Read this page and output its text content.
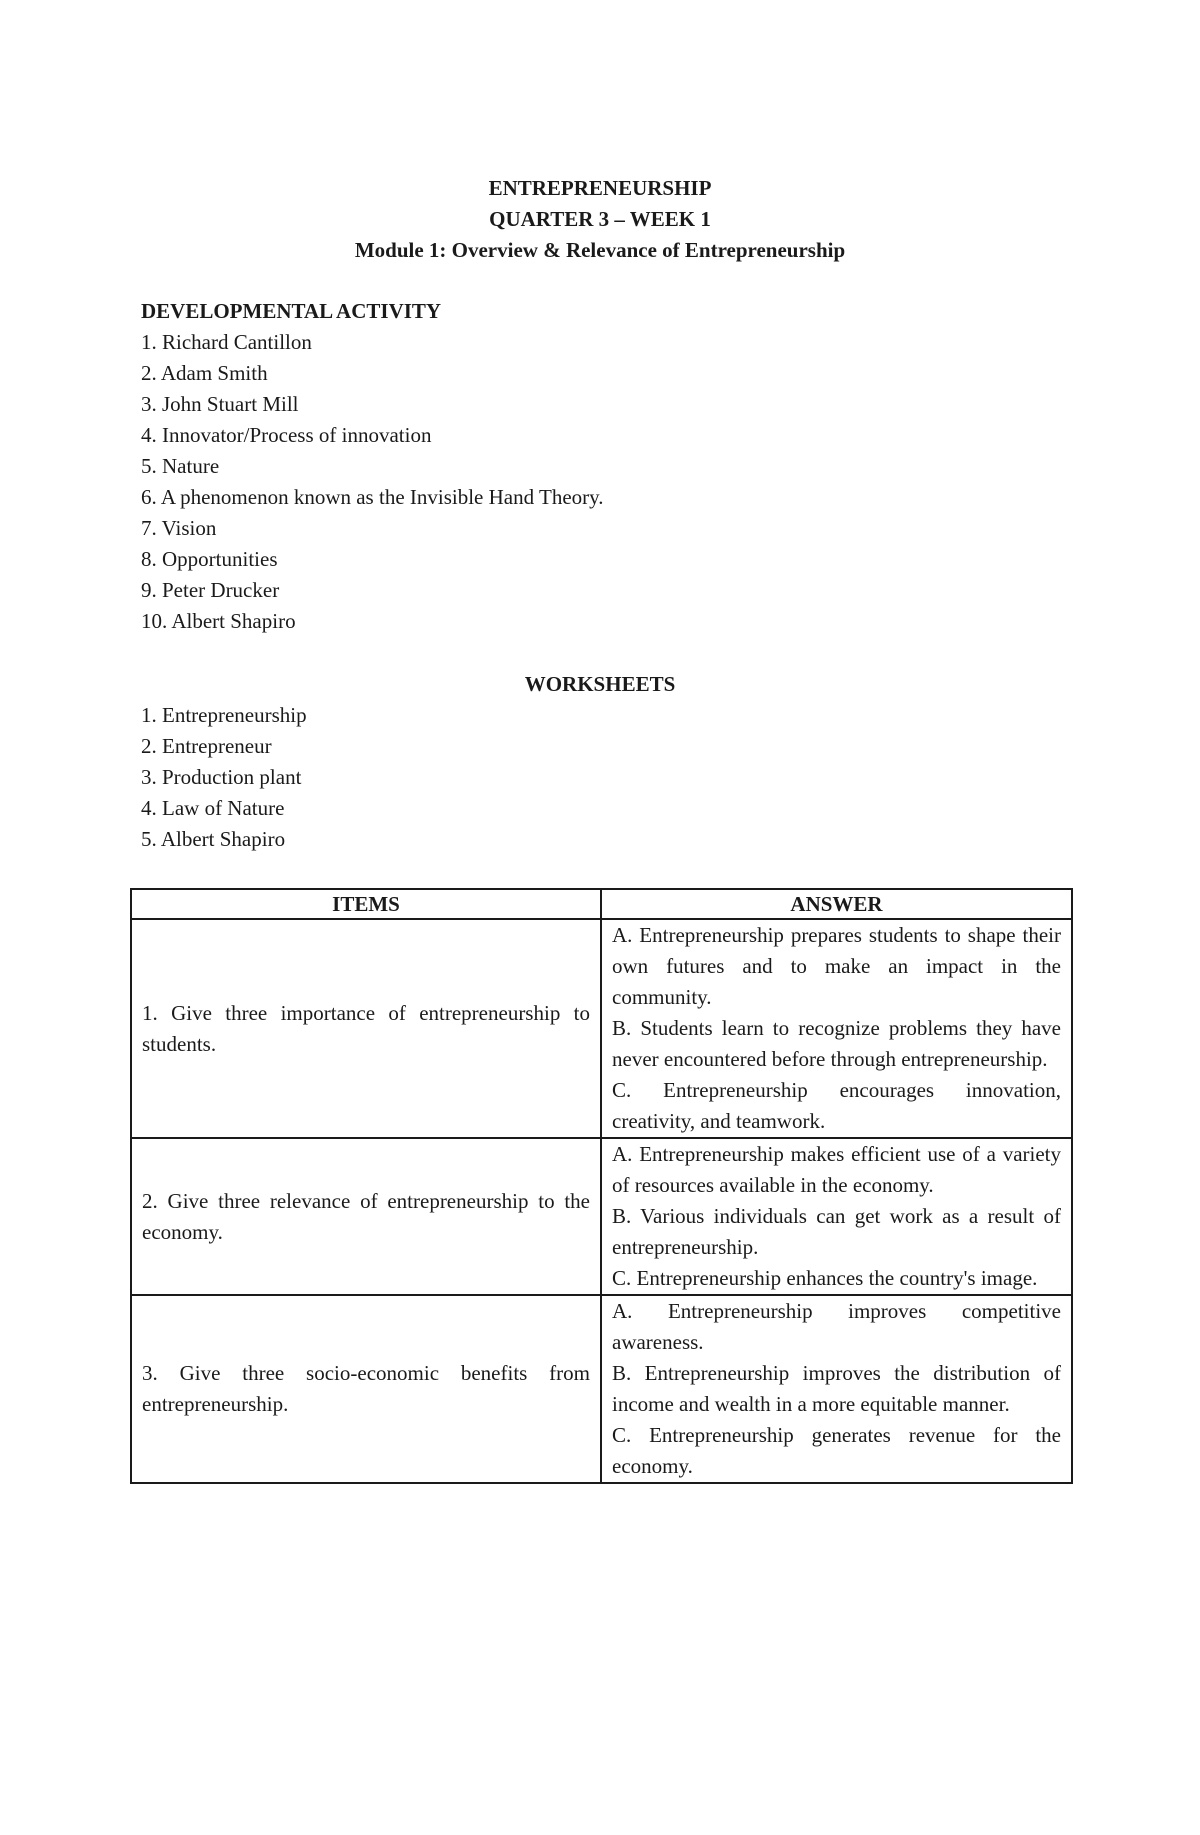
ENTREPRENEURSHIP
QUARTER 3 – WEEK 1
Module 1: Overview & Relevance of Entrepreneurship
DEVELOPMENTAL ACTIVITY
1. Richard Cantillon
2. Adam Smith
3. John Stuart Mill
4. Innovator/Process of innovation
5. Nature
6. A phenomenon known as the Invisible Hand Theory.
7. Vision
8. Opportunities
9. Peter Drucker
10. Albert Shapiro
WORKSHEETS
1. Entrepreneurship
2. Entrepreneur
3. Production plant
4. Law of Nature
5. Albert Shapiro
ITEMS	ANSWER
1. Give three importance of entrepreneurship to students.	A. Entrepreneurship prepares students to shape their own futures and to make an impact in the community.
B. Students learn to recognize problems they have never encountered before through entrepreneurship.
C. Entrepreneurship encourages innovation, creativity, and teamwork.

2. Give three relevance of entrepreneurship to the economy.	A. Entrepreneurship makes efficient use of a variety of resources available in the economy.
B. Various individuals can get work as a result of entrepreneurship.
C. Entrepreneurship enhances the country's image.

3. Give three socio-economic benefits from entrepreneurship.	A. Entrepreneurship improves competitive awareness.
B. Entrepreneurship improves the distribution of income and wealth in a more equitable manner.
C. Entrepreneurship generates revenue for the economy.
